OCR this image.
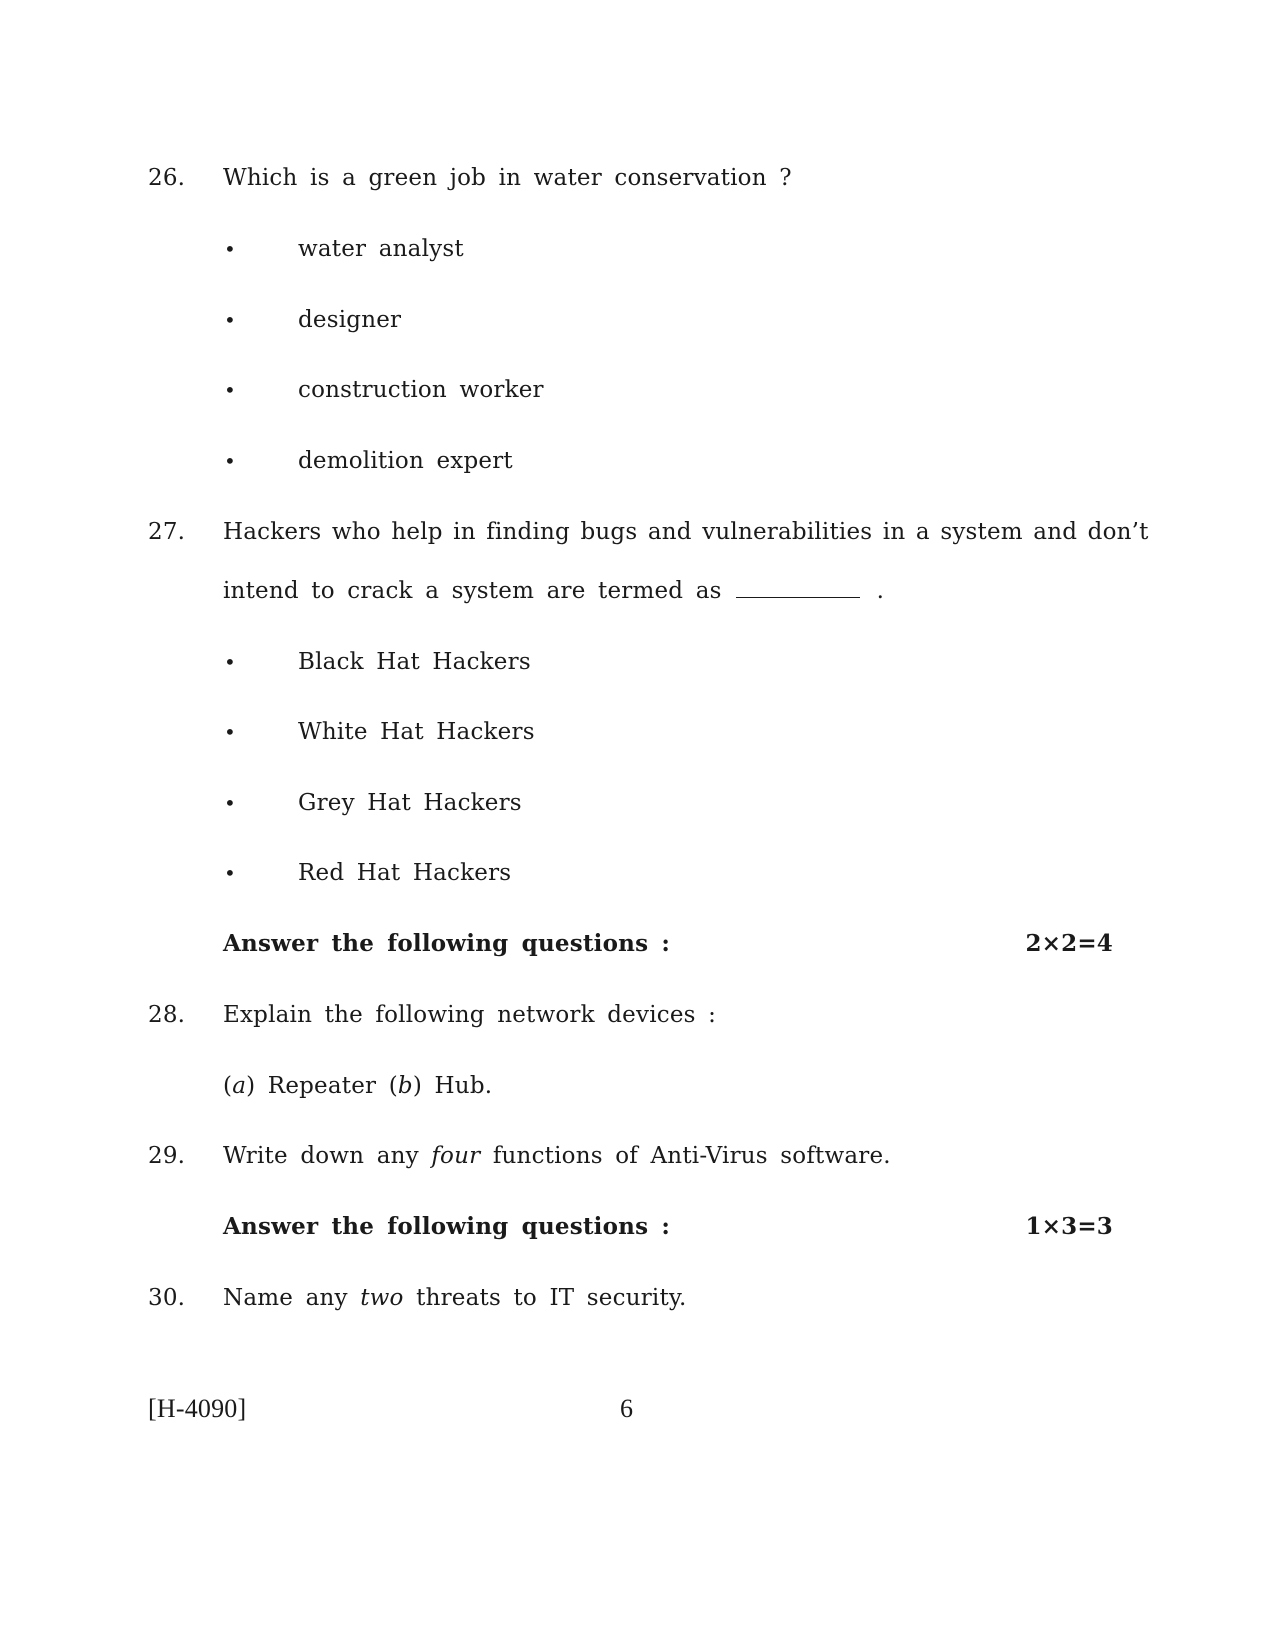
26. Which is a green job in water conservation ?
•	water analyst
•	designer
•	construction worker
•	demolition expert
27. Hackers who help in finding bugs and vulnerabilities in a system and don’t
intend to crack a system are termed as	.
•	Black Hat Hackers
•	White Hat Hackers
•	Grey Hat Hackers
•	Red Hat Hackers
Answer the following questions :	2×2=4
28. Explain the following network devices :
(a) Repeater (b) Hub.
29. Write down any four functions of Anti-Virus software.
Answer the following questions :	1×3=3
30. Name any two threats to IT security.
[H-4090]	6
